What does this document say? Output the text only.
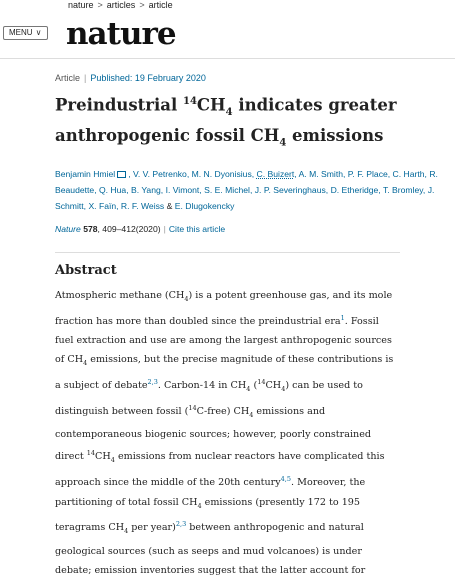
nature > articles > article
MENU ∨ nature
Article | Published: 19 February 2020
Preindustrial $^{14}CH_4$ indicates greater
anthropogenic fossil $CH_4$ emissions
Benjamin Hmiel , V. V. Petrenko, M. N. Dyonisius, C. Buizert, A. M. Smith, P. F. Place, C. Harth, R. Beaudette, Q. Hua, B. Yang, I. Vimont, S. E. Michel, J. P. Severinghaus, D. Etheridge, T. Bromley, J. Schmitt, X. Faïn, R. F. Weiss & E. Dlugokencky
Nature 578, 409–412(2020) | Cite this article
Abstract
Atmospheric methane $(CH_4)$ is a potent greenhouse gas, and its mole fraction has more than doubled since the preindustrial era$^1$. Fossil fuel extraction and use are among the largest anthropogenic sources of $CH_4$ emissions, but the precise magnitude of these contributions is a subject of debate$^{2,3}$. Carbon-14 in $CH_4$ $(^{14}CH_4)$ can be used to distinguish between fossil ($^{14}$C-free) $CH_4$ emissions and contemporaneous biogenic sources; however, poorly constrained direct $^{14}CH_4$ emissions from nuclear reactors have complicated this approach since the middle of the 20th century$^{4,5}$. Moreover, the partitioning of total fossil $CH_4$ emissions (presently 172 to 195 teragrams $CH_4$ per year)$^{2,3}$ between anthropogenic and natural geological sources (such as seeps and mud volcanoes) is under debate; emission inventories suggest that the latter account for
